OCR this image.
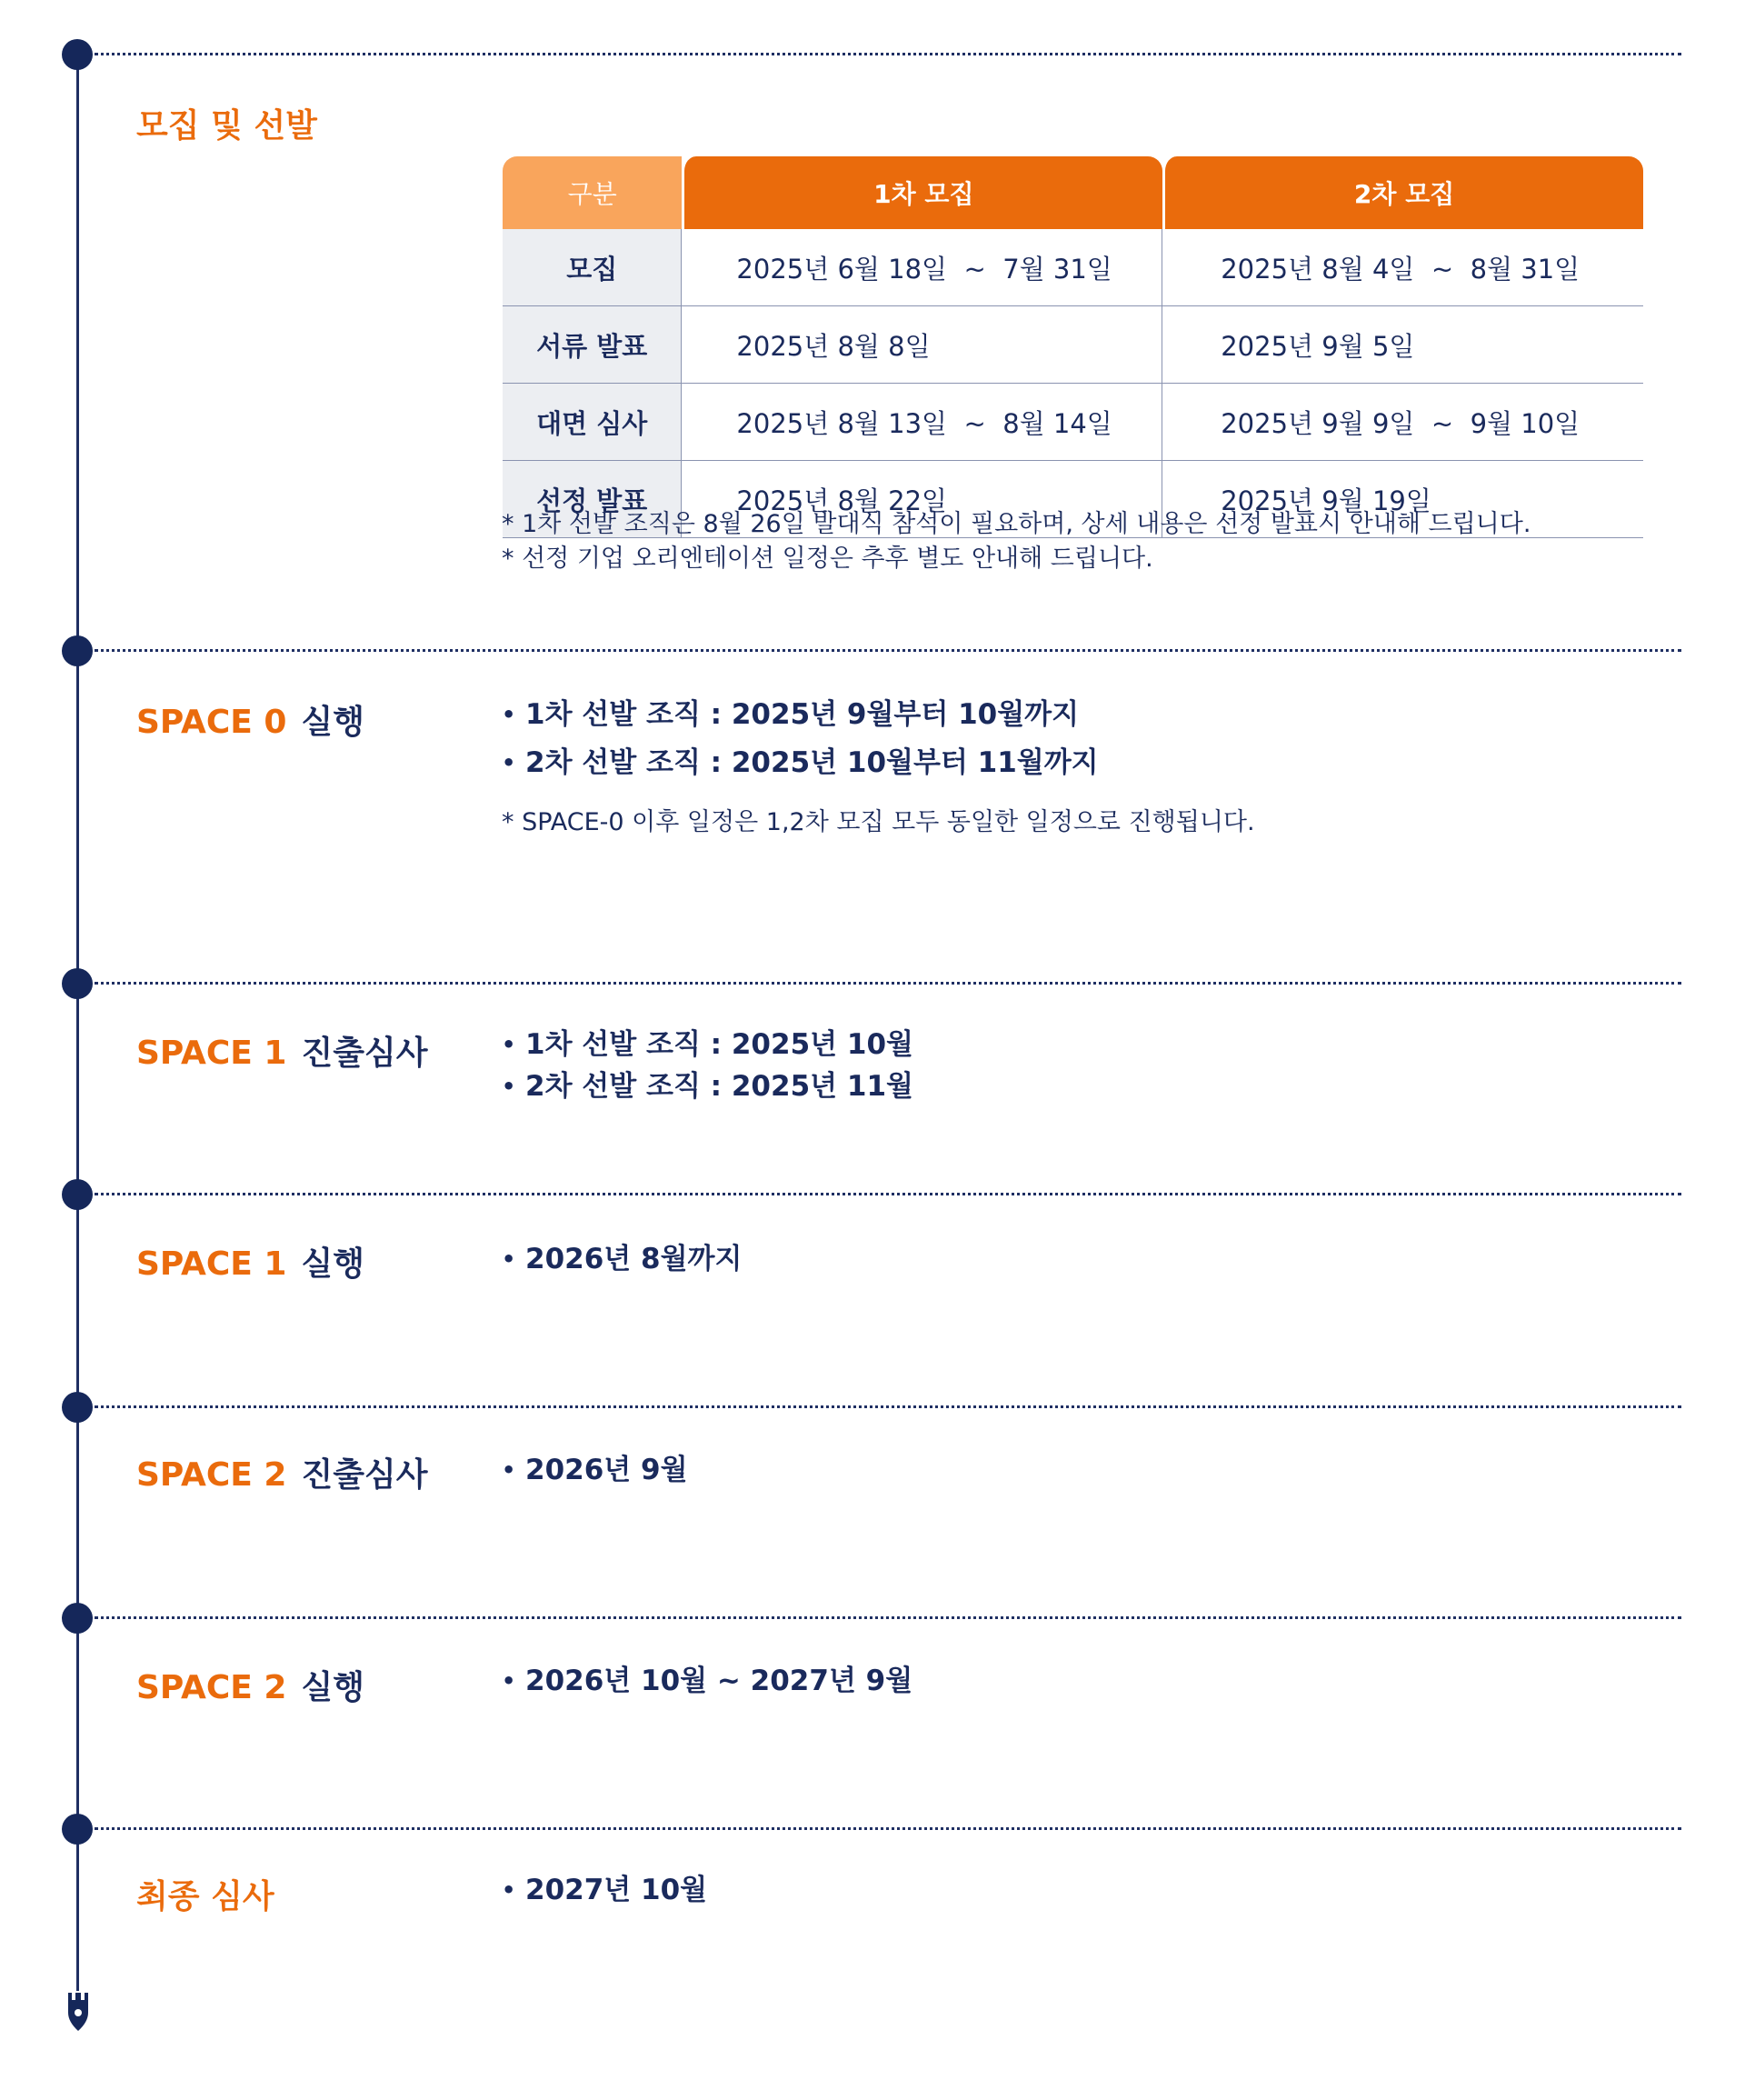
모집 및 선발
구분	1차 모집	2차 모집
모집	2025년 6월 18일  ~  7월 31일	2025년 8월 4일  ~  8월 31일
서류 발표	2025년 8월 8일	2025년 9월 5일
대면 심사	2025년 8월 13일  ~  8월 14일	2025년 9월 9일  ~  9월 10일
선정 발표	2025년 8월 22일	2025년 9월 19일
* 1차 선발 조직은 8월 26일 발대식 참석이 필요하며, 상세 내용은 선정 발표시 안내해 드립니다.
* 선정 기업 오리엔테이션 일정은 추후 별도 안내해 드립니다.
SPACE 0 실행	• 1차 선발 조직 : 2025년 9월부터 10월까지
• 2차 선발 조직 : 2025년 10월부터 11월까지
* SPACE-0 이후 일정은 1,2차 모집 모두 동일한 일정으로 진행됩니다.
SPACE 1 진출심사	• 1차 선발 조직 : 2025년 10월
• 2차 선발 조직 : 2025년 11월
SPACE 1 실행	• 2026년 8월까지
SPACE 2 진출심사	• 2026년 9월
SPACE 2 실행	• 2026년 10월 ~ 2027년 9월
최종 심사	• 2027년 10월
